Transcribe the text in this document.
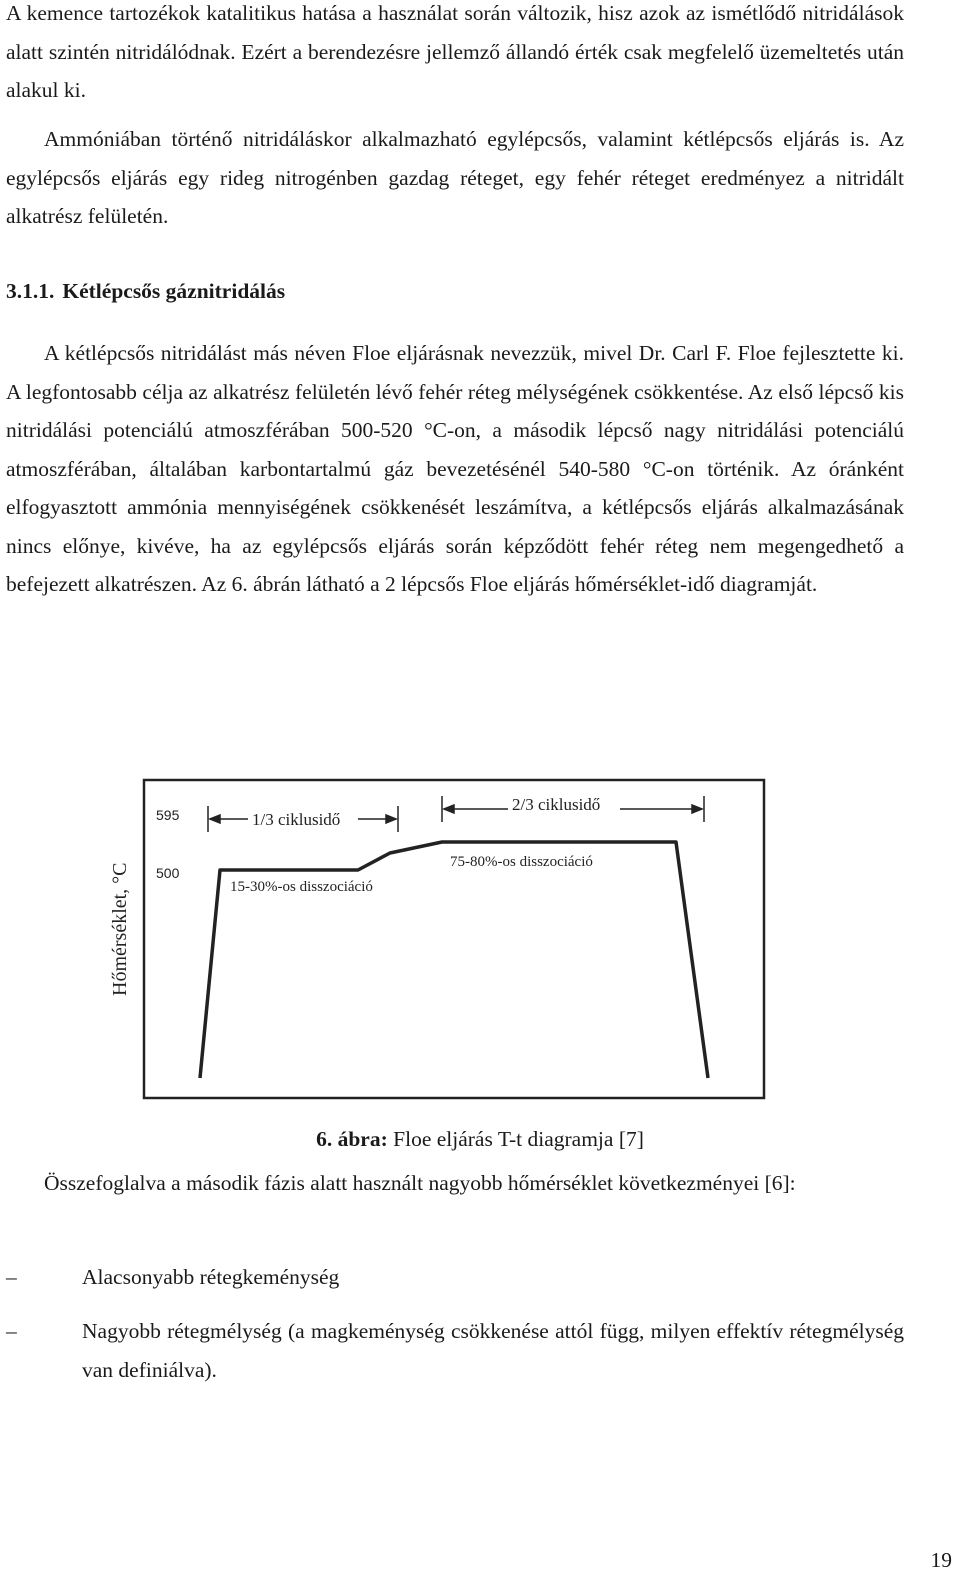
A kemence tartozékok katalitikus hatása a használat során változik, hisz azok az ismétlődő nitridálások alatt szintén nitridálódnak. Ezért a berendezésre jellemző állandó érték csak megfelelő üzemeltetés után alakul ki.

Ammóniában történő nitridáláskor alkalmazható egylépcsős, valamint kétlépcsős eljárás is. Az egylépcsős eljárás egy rideg nitrogénben gazdag réteget, egy fehér réteget eredményez a nitridált alkatrész felületén.

3.1.1. Kétlépcsős gáznitridálás

A kétlépcsős nitridálást más néven Floe eljárásnak nevezzük, mivel Dr. Carl F. Floe fejlesztette ki. A legfontosabb célja az alkatrész felületén lévő fehér réteg mélységének csökkentése. Az első lépcső kis nitridálási potenciálú atmoszférában 500-520 °C-on, a második lépcső nagy nitridálási potenciálú atmoszférában, általában karbontartalmú gáz bevezetésénél 540-580 °C-on történik. Az óránként elfogyasztott ammónia mennyiségének csökkenését leszámítva, a kétlépcsős eljárás alkalmazásának nincs előnye, kivéve, ha az egylépcsős eljárás során képződött fehér réteg nem megengedhető a befejezett alkatrészen. Az 6. ábrán látható a 2 lépcsős Floe eljárás hőmérséklet-idő diagramját.

Hőmérséklet, °C
595
500
1/3 ciklusidő
2/3 ciklusidő
15-30%-os disszociáció
75-80%-os disszociáció
6. ábra: Floe eljárás T-t diagramja [7]

Összefoglalva a második fázis alatt használt nagyobb hőmérséklet következményei [6]:

–	Alacsonyabb rétegkeménység
–	Nagyobb rétegmélység (a magkeménység csökkenése attól függ, milyen effektív rétegmélység van definiálva).
19
